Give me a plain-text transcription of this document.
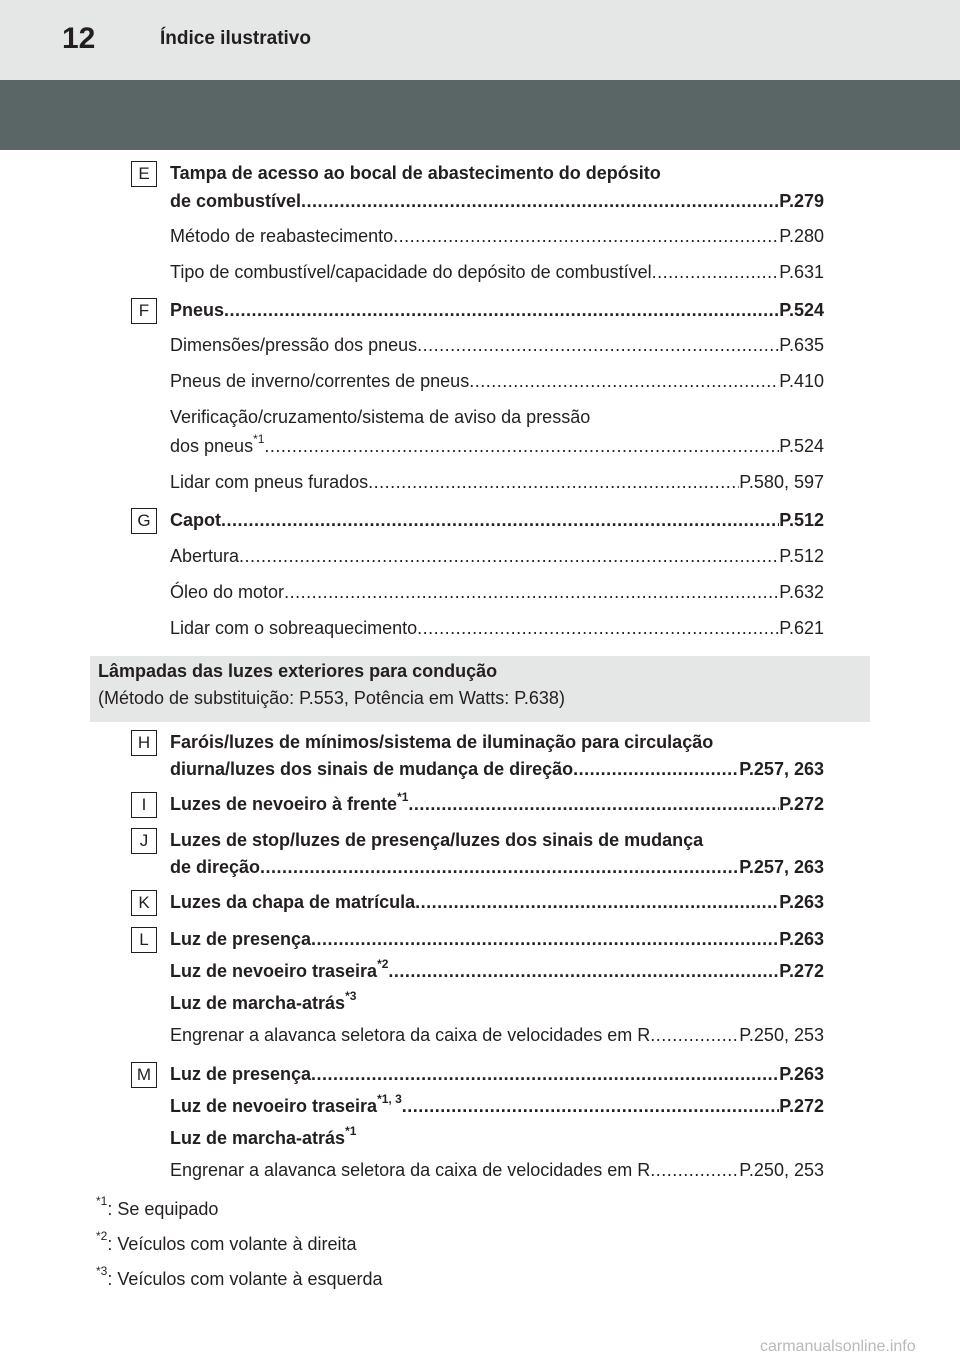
12	Índice ilustrativo
E	Tampa de acesso ao bocal de abastecimento do depósito
de combustível .....	P.279
Método de reabastecimento .....	P.280
Tipo de combustível/capacidade do depósito de combustível .....	P.631
F	Pneus .....	P.524
Dimensões/pressão dos pneus .....	P.635
Pneus de inverno/correntes de pneus .....	P.410
Verificação/cruzamento/sistema de aviso da pressão
dos pneus$^{*1}$ .....	P.524
Lidar com pneus furados .....	P.580, 597
G	Capot .....	P.512
Abertura .....	P.512
Óleo do motor .....	P.632
Lidar com o sobreaquecimento .....	P.621
H	Faróis/luzes de mínimos/sistema de iluminação para circulação
diurna/luzes dos sinais de mudança de direção .....	P.257, 263
I	Luzes de nevoeiro à frente$^{*1}$ .....	P.272
J	Luzes de stop/luzes de presença/luzes dos sinais de mudança
de direção .....	P.257, 263
K	Luzes da chapa de matrícula .....	P.263
L	Luz de presença .....	P.263
Luz de nevoeiro traseira$^{*2}$ .....	P.272
Luz de marcha-atrás$^{*3}$
Engrenar a alavanca seletora da caixa de velocidades em R .....	P.250, 253
M	Luz de presença .....	P.263
Luz de nevoeiro traseira$^{*1, 3}$ .....	P.272
Luz de marcha-atrás$^{*1}$
Engrenar a alavanca seletora da caixa de velocidades em R .....	P.250, 253
Lâmpadas das luzes exteriores para condução
(Método de substituição: P.553, Potência em Watts: P.638)
$^{*1}$: Se equipado
$^{*2}$: Veículos com volante à direita
$^{*3}$: Veículos com volante à esquerda
carmanualsonline.info
